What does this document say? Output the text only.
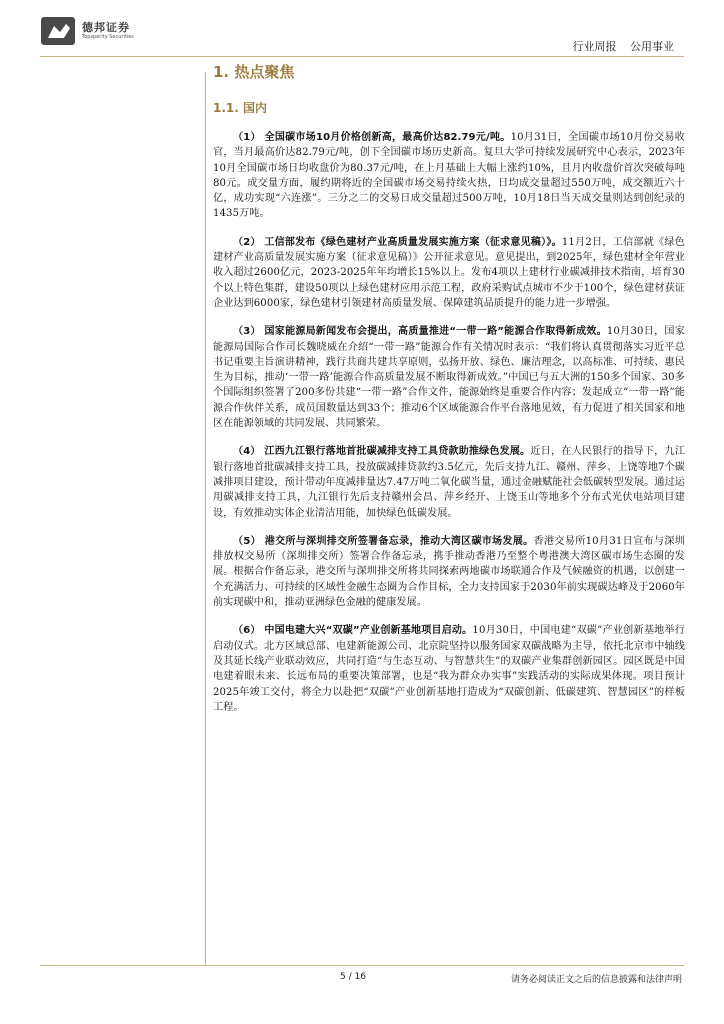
德邦证券
Topsperity Securities
行业周报 公用事业
1. 热点聚焦
1.1. 国内

（1） 全国碳市场10月价格创新高，最高价达82.79元/吨。10月31日，全国碳市场10月份交易收官，当月最高价达82.79元/吨，创下全国碳市场历史新高。复旦大学可持续发展研究中心表示，2023年10月全国碳市场日均收盘价为80.37元/吨，在上月基础上大幅上涨约10%，且月内收盘价首次突破每吨80元。成交量方面，履约期将近的全国碳市场交易持续火热，日均成交量超过550万吨，成交额近六十亿，成功实现“六连涨”。三分之二的交易日成交量超过500万吨，10月18日当天成交量则达到创纪录的1435万吨。

（2） 工信部发布《绿色建材产业高质量发展实施方案（征求意见稿）》。11月2日，工信部就《绿色建材产业高质量发展实施方案（征求意见稿）》公开征求意见。意见提出，到2025年，绿色建材全年营业收入超过2600亿元，2023-2025年年均增长15%以上。发布4项以上建材行业碳减排技术指南，培育30个以上特色集群，建设50项以上绿色建材应用示范工程，政府采购试点城市不少于100个，绿色建材获证企业达到6000家，绿色建材引领建材高质量发展、保障建筑品质提升的能力进一步增强。

（3） 国家能源局新闻发布会提出，高质量推进“一带一路”能源合作取得新成效。10月30日，国家能源局国际合作司长魏晓威在介绍“一带一路”能源合作有关情况时表示：“我们将认真贯彻落实习近平总书记重要主旨演讲精神，践行共商共建共享原则，弘扬开放、绿色、廉洁理念，以高标准、可持续、惠民生为目标，推动‘一带一路’能源合作高质量发展不断取得新成效。”中国已与五大洲的150多个国家、30多个国际组织签署了200多份共建“一带一路”合作文件，能源始终是重要合作内容；发起成立“一带一路”能源合作伙伴关系，成员国数量达到33个；推动6个区域能源合作平台落地见效，有力促进了相关国家和地区在能源领域的共同发展、共同繁荣。

（4） 江西九江银行落地首批碳减排支持工具贷款助推绿色发展。近日，在人民银行的指导下，九江银行落地首批碳减排支持工具，投放碳减排贷款约3.5亿元，先后支持九江、赣州、萍乡、上饶等地7个碳减排项目建设，预计带动年度减排量达7.47万吨二氧化碳当量，通过金融赋能社会低碳转型发展。通过运用碳减排支持工具，九江银行先后支持赣州会昌、萍乡经开、上饶玉山等地多个分布式光伏电站项目建设，有效推动实体企业清洁用能，加快绿色低碳发展。

（5） 港交所与深圳排交所签署备忘录，推动大湾区碳市场发展。香港交易所10月31日宣布与深圳排放权交易所（深圳排交所）签署合作备忘录，携手推动香港乃至整个粤港澳大湾区碳市场生态圈的发展。根据合作备忘录，港交所与深圳排交所将共同探索两地碳市场联通合作及气候融资的机遇，以创建一个充满活力、可持续的区域性金融生态圈为合作目标，全力支持国家于2030年前实现碳达峰及于2060年前实现碳中和，推动亚洲绿色金融的健康发展。

（6） 中国电建大兴“双碳”产业创新基地项目启动。10月30日，中国电建“双碳”产业创新基地举行启动仪式。北方区域总部、电建新能源公司、北京院坚持以服务国家双碳战略为主导，依托北京市中轴线及其延长线产业联动效应，共同打造“与生态互动、与智慧共生”的双碳产业集群创新园区。园区既是中国电建着眼未来、长远布局的重要决策部署，也是“我为群众办实事”实践活动的实际成果体现。项目预计2025年竣工交付，将全力以赴把“双碳”产业创新基地打造成为“双碳创新、低碳建筑、智慧园区”的样板工程。

5 / 16	请务必阅读正文之后的信息披露和法律声明
